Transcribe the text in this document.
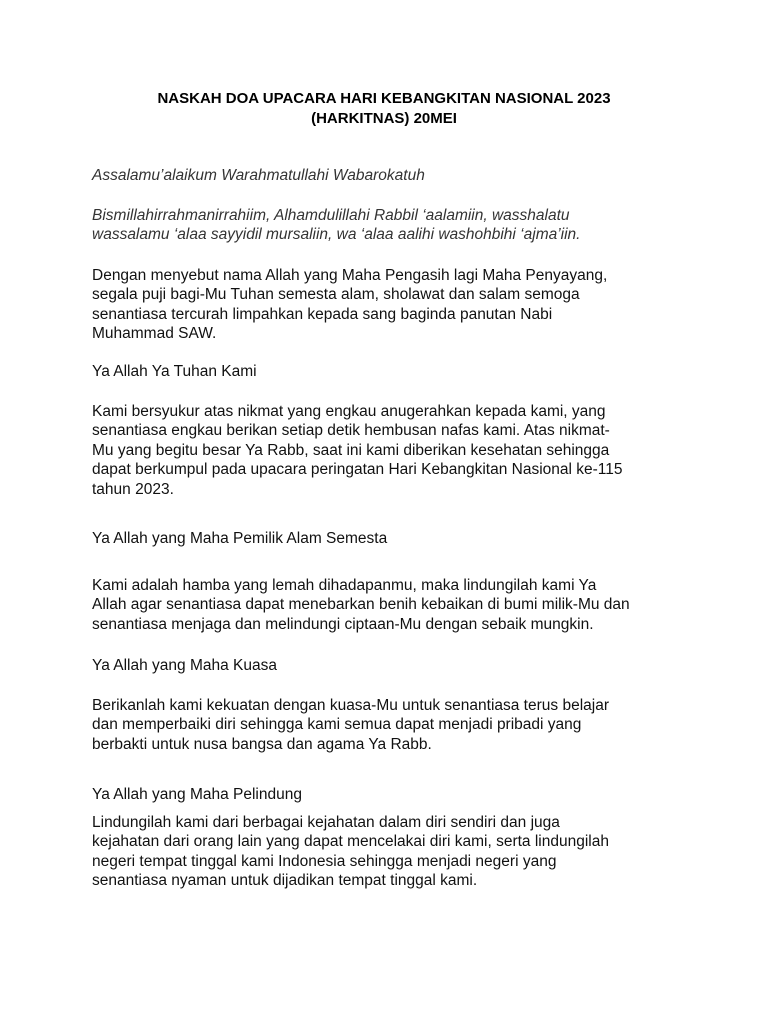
NASKAH DOA UPACARA HARI KEBANGKITAN NASIONAL 2023
(HARKITNAS) 20MEI
Assalamu’alaikum Warahmatullahi Wabarokatuh
Bismillahirrahmanirrahiim, Alhamdulillahi Rabbil ‘aalamiin, wasshalatu
wassalamu ‘alaa sayyidil mursaliin, wa ‘alaa aalihi washohbihi ‘ajma’iin.
Dengan menyebut nama Allah yang Maha Pengasih lagi Maha Penyayang,
segala puji bagi-Mu Tuhan semesta alam, sholawat dan salam semoga
senantiasa tercurah limpahkan kepada sang baginda panutan Nabi
Muhammad SAW.
Ya Allah Ya Tuhan Kami
Kami bersyukur atas nikmat yang engkau anugerahkan kepada kami, yang
senantiasa engkau berikan setiap detik hembusan nafas kami. Atas nikmat-
Mu yang begitu besar Ya Rabb, saat ini kami diberikan kesehatan sehingga
dapat berkumpul pada upacara peringatan Hari Kebangkitan Nasional ke-115
tahun 2023.
Ya Allah yang Maha Pemilik Alam Semesta
Kami adalah hamba yang lemah dihadapanmu, maka lindungilah kami Ya
Allah agar senantiasa dapat menebarkan benih kebaikan di bumi milik-Mu dan
senantiasa menjaga dan melindungi ciptaan-Mu dengan sebaik mungkin.
Ya Allah yang Maha Kuasa
Berikanlah kami kekuatan dengan kuasa-Mu untuk senantiasa terus belajar
dan memperbaiki diri sehingga kami semua dapat menjadi pribadi yang
berbakti untuk nusa bangsa dan agama Ya Rabb.
Ya Allah yang Maha Pelindung
Lindungilah kami dari berbagai kejahatan dalam diri sendiri dan juga
kejahatan dari orang lain yang dapat mencelakai diri kami, serta lindungilah
negeri tempat tinggal kami Indonesia sehingga menjadi negeri yang
senantiasa nyaman untuk dijadikan tempat tinggal kami.
